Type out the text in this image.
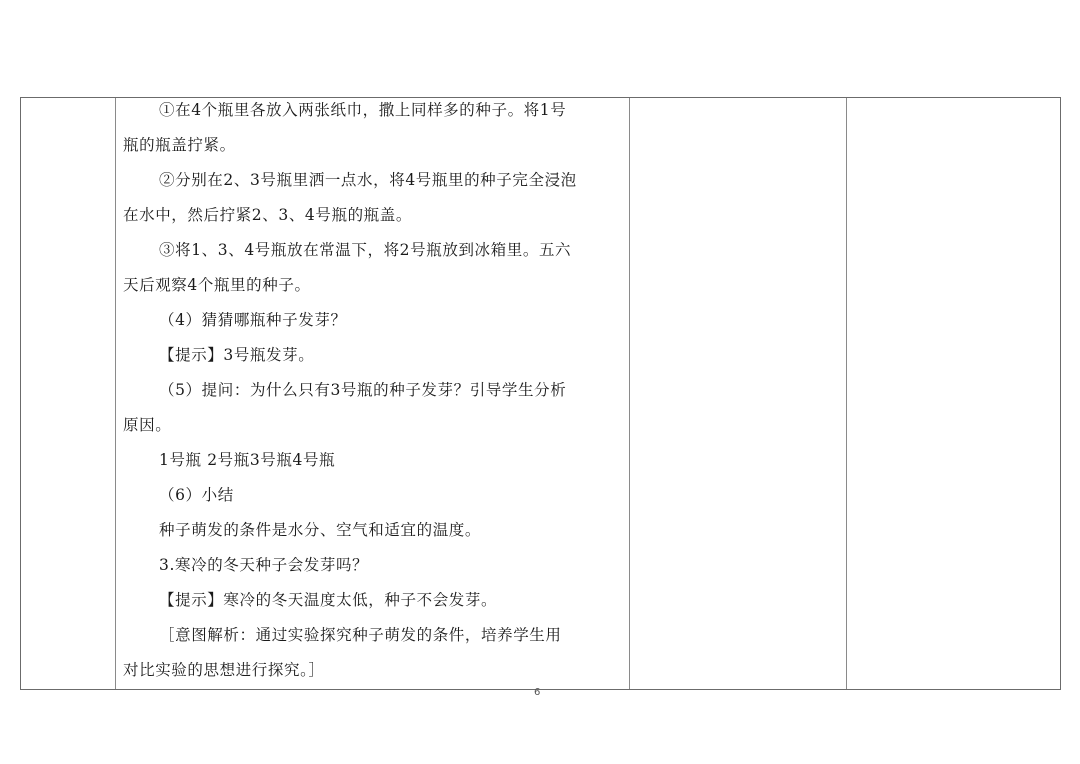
①在4个瓶里各放入两张纸巾，撒上同样多的种子。将1号
瓶的瓶盖拧紧。
②分别在2、3号瓶里洒一点水，将4号瓶里的种子完全浸泡
在水中，然后拧紧2、3、4号瓶的瓶盖。
③将1、3、4号瓶放在常温下，将2号瓶放到冰箱里。五六
天后观察4个瓶里的种子。
（4）猜猜哪瓶种子发芽？
【提示】3号瓶发芽。
（5）提问：为什么只有3号瓶的种子发芽？引导学生分析
原因。
1号瓶 2号瓶3号瓶4号瓶
（6）小结
种子萌发的条件是水分、空气和适宜的温度。
3.寒冷的冬天种子会发芽吗？
【提示】寒冷的冬天温度太低，种子不会发芽。
［意图解析：通过实验探究种子萌发的条件，培养学生用
对比实验的思想进行探究。］
6
